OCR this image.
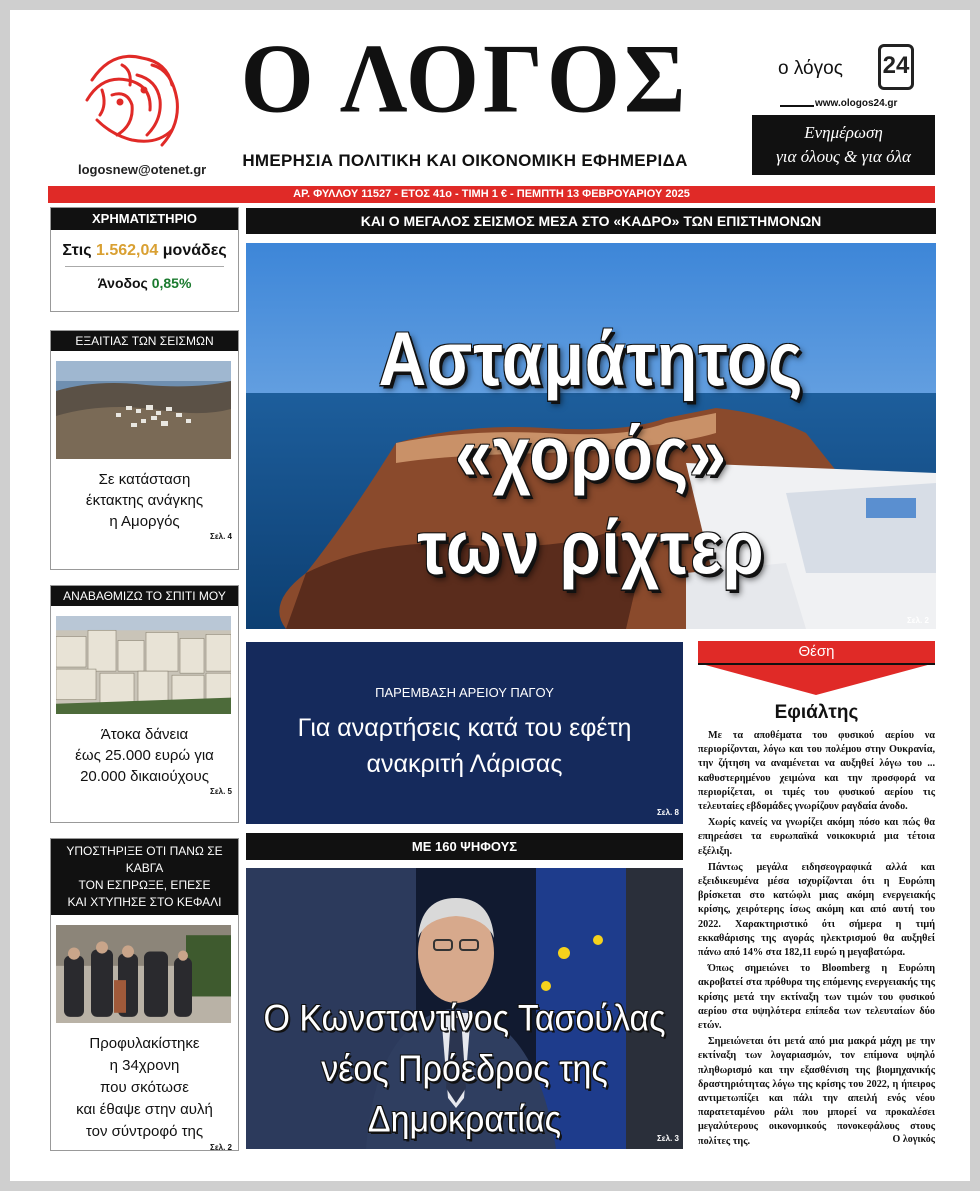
logosnew@otenet.gr
Ο ΛΟΓΟΣ
ΗΜΕΡΗΣΙΑ ΠΟΛΙΤΙΚΗ ΚΑΙ ΟΙΚΟΝΟΜΙΚΗ ΕΦΗΜΕΡΙΔΑ
ο λόγος 24
www.ologos24.gr
Ενημέρωση
για όλους & για όλα
ΑΡ. ΦΥΛΛΟΥ 11527 - ΕΤΟΣ 41ο - ΤΙΜΗ 1 € - ΠΕΜΠΤΗ 13 ΦΕΒΡΟΥΑΡΙΟΥ 2025
ΧΡΗΜΑΤΙΣΤΗΡΙΟ
Στις 1.562,04 μονάδες
Άνοδος 0,85%
ΕΞΑΙΤΙΑΣ ΤΩΝ ΣΕΙΣΜΩΝ
Σε κατάσταση
έκτακτης ανάγκης
η Αμοργός
Σελ. 4
ΑΝΑΒΑΘΜΙΖΩ ΤΟ ΣΠΙΤΙ ΜΟΥ
Άτοκα δάνεια
έως 25.000 ευρώ για
20.000 δικαιούχους
Σελ. 5
ΥΠΟΣΤΗΡΙΞΕ ΟΤΙ ΠΑΝΩ ΣΕ ΚΑΒΓΑ
ΤΟΝ ΕΣΠΡΩΞΕ, ΕΠΕΣΕ
ΚΑΙ ΧΤΥΠΗΣΕ ΣΤΟ ΚΕΦΑΛΙ
Προφυλακίστηκε
η 34χρονη
που σκότωσε
και έθαψε στην αυλή
τον σύντροφό της
Σελ. 2
ΚΑΙ Ο ΜΕΓΑΛΟΣ ΣΕΙΣΜΟΣ ΜΕΣΑ ΣΤΟ «ΚΑΔΡΟ» ΤΩΝ ΕΠΙΣΤΗΜΟΝΩΝ
Ασταμάτητος «χορός»
των ρίχτερ
Σελ. 2
ΠΑΡΕΜΒΑΣΗ ΑΡΕΙΟΥ ΠΑΓΟΥ
Για αναρτήσεις κατά του εφέτη
ανακριτή Λάρισας
Σελ. 8
ΜΕ 160 ΨΗΦΟΥΣ
Ο Κωνσταντίνος Τασούλας
νέος Πρόεδρος της Δημοκρατίας	Σελ. 3
Θέση
Εφιάλτης

Με τα αποθέματα του φυσικού αερίου να περιορίζονται, λόγω και του πολέμου στην Ουκρανία, την ζήτηση να αναμένεται να αυξηθεί λόγω του ... καθυστερημένου χειμώνα και την προσφορά να περιορίζεται, οι τιμές του φυσικού αερίου τις τελευταίες εβδομάδες γνωρίζουν ραγδαία άνοδο.

Χωρίς κανείς να γνωρίζει ακόμη πόσο και πώς θα επηρεάσει τα ευρωπαϊκά νοικοκυριά μια τέτοια εξέλιξη.

Πάντως μεγάλα ειδησεογραφικά αλλά και εξειδικευμένα μέσα ισχυρίζονται ότι η Ευρώπη βρίσκεται στο κατώφλι μιας ακόμη ενεργειακής κρίσης, χειρότερης ίσως ακόμη και από αυτή του 2022. Χαρακτηριστικό ότι σήμερα η τιμή εκκαθάρισης της αγοράς ηλεκτρισμού θα αυξηθεί πάνω από 14% στα 182,11 ευρώ η μεγαβατώρα.

Όπως σημειώνει το Bloomberg η Ευρώπη ακροβατεί στα πρόθυρα της επόμενης ενεργειακής της κρίσης μετά την εκτίναξη των τιμών του φυσικού αερίου στα υψηλότερα επίπεδα των τελευταίων δύο ετών.

Σημειώνεται ότι μετά από μια μακρά μάχη με την εκτίναξη των λογαριασμών, τον επίμονα υψηλό πληθωρισμό και την εξασθένιση της βιομηχανικής δραστηριότητας λόγω της κρίσης του 2022, η ήπειρος αντιμετωπίζει και πάλι την απειλή ενός νέου παρατεταμένου ράλι που μπορεί να προκαλέσει μεγαλύτερους οικονομικούς πονοκεφάλους στους πολίτες της.	Ο λογικός
